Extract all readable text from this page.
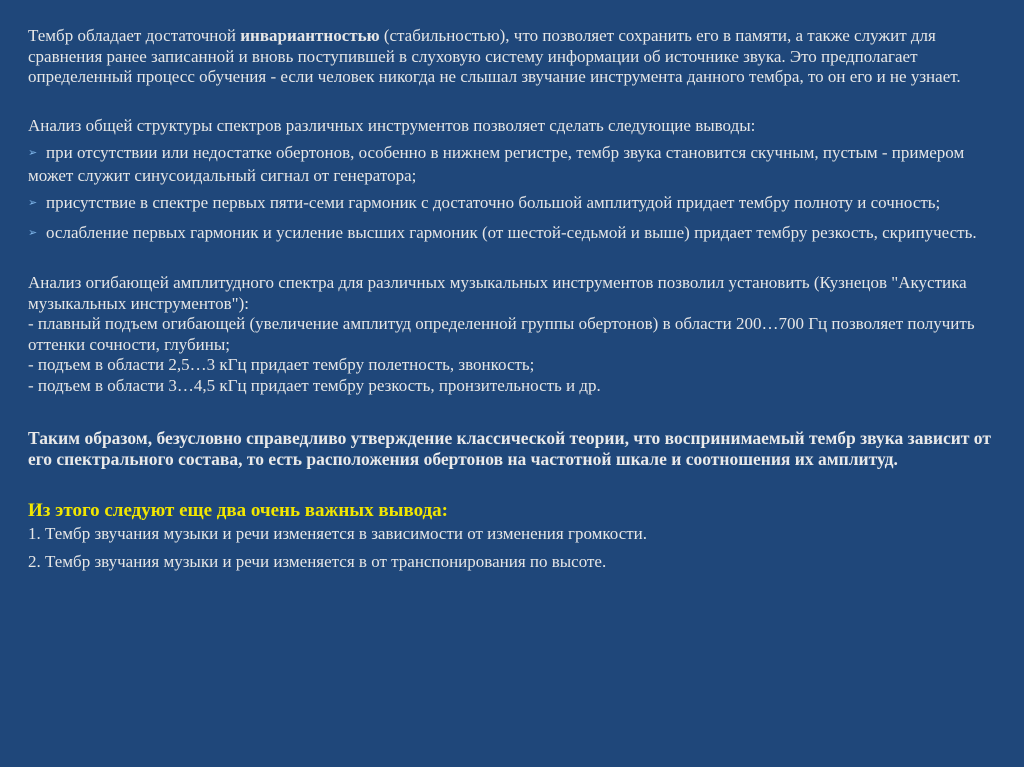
Тембр обладает достаточной инвариантностью (стабильностью), что позволяет сохранить его в памяти, а также служит для сравнения ранее записанной и вновь поступившей в слуховую систему информации об источнике звука. Это предполагает определенный процесс обучения - если человек никогда не слышал звучание инструмента данного тембра, то он его и не узнает.

Анализ общей структуры спектров различных инструментов позволяет сделать следующие выводы:

➢ при отсутствии или недостатке обертонов, особенно в нижнем регистре, тембр звука становится скучным, пустым - примером может служит синусоидальный сигнал от генератора;

➢ присутствие в спектре первых пяти-семи гармоник с достаточно большой амплитудой придает тембру полноту и сочность;

➢ ослабление первых гармоник и усиление высших гармоник (от шестой-седьмой и выше) придает тембру резкость, скрипучесть.

Анализ огибающей амплитудного спектра для различных музыкальных инструментов позволил установить (Кузнецов "Акустика музыкальных инструментов"):
- плавный подъем огибающей (увеличение амплитуд определенной группы обертонов) в области 200…700 Гц позволяет получить оттенки сочности, глубины;
- подъем в области 2,5…3 кГц придает тембру полетность, звонкость;
- подъем в области 3…4,5 кГц придает тембру резкость, пронзительность и др.

Таким образом, безусловно справедливо утверждение классической теории, что воспринимаемый тембр звука зависит от его спектрального состава, то есть расположения обертонов на частотной шкале и соотношения их амплитуд.

Из этого следуют еще два очень важных вывода:

1. Тембр звучания музыки и речи изменяется в зависимости от изменения громкости.

2. Тембр звучания музыки и речи изменяется в от транспонирования по высоте.
